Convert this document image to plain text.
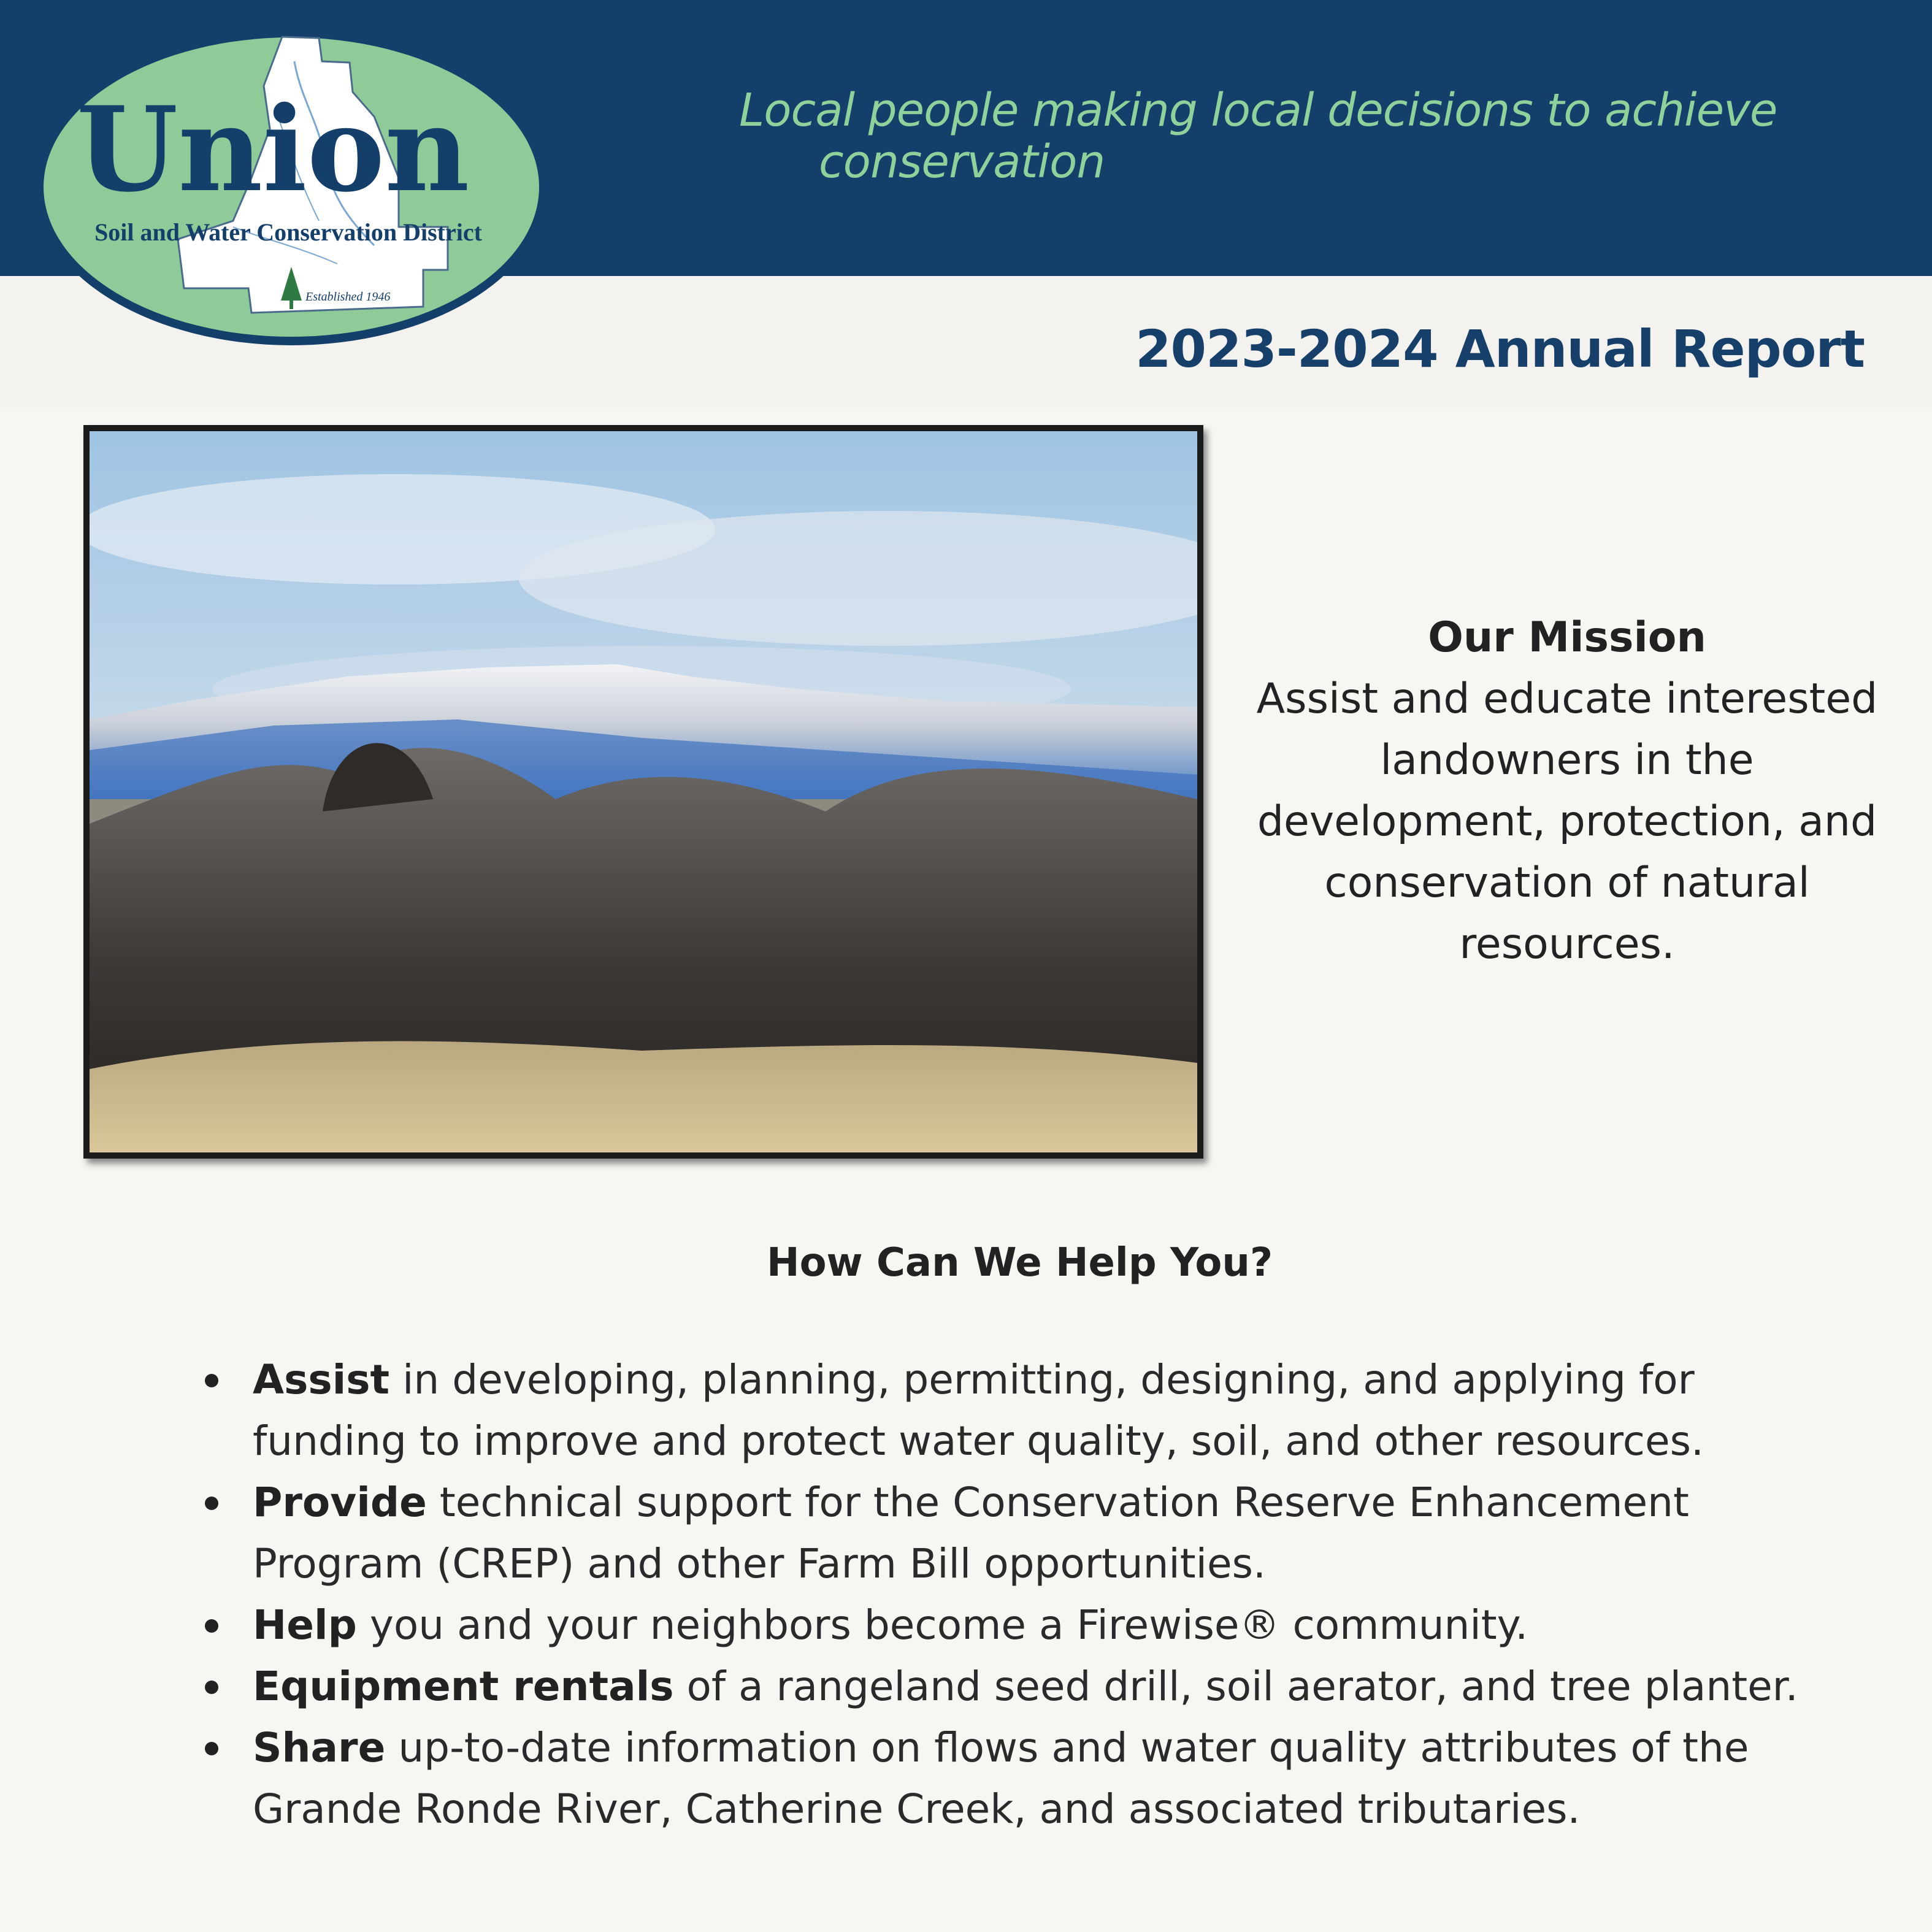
Union
Soil and Water Conservation District
Established 1946
Local people making local decisions to achieve
conservation
2023-2024 Annual Report
Our Mission

Assist and educate interested

landowners in the

development, protection, and

conservation of natural

resources.

How Can We Help You?
Assist in developing, planning, permitting, designing, and applying for
funding to improve and protect water quality, soil, and other resources.
Provide technical support for the Conservation Reserve Enhancement
Program (CREP) and other Farm Bill opportunities.
Help you and your neighbors become a Firewise® community.
Equipment rentals of a rangeland seed drill, soil aerator, and tree planter.
Share up-to-date information on flows and water quality attributes of the
Grande Ronde River, Catherine Creek, and associated tributaries.
